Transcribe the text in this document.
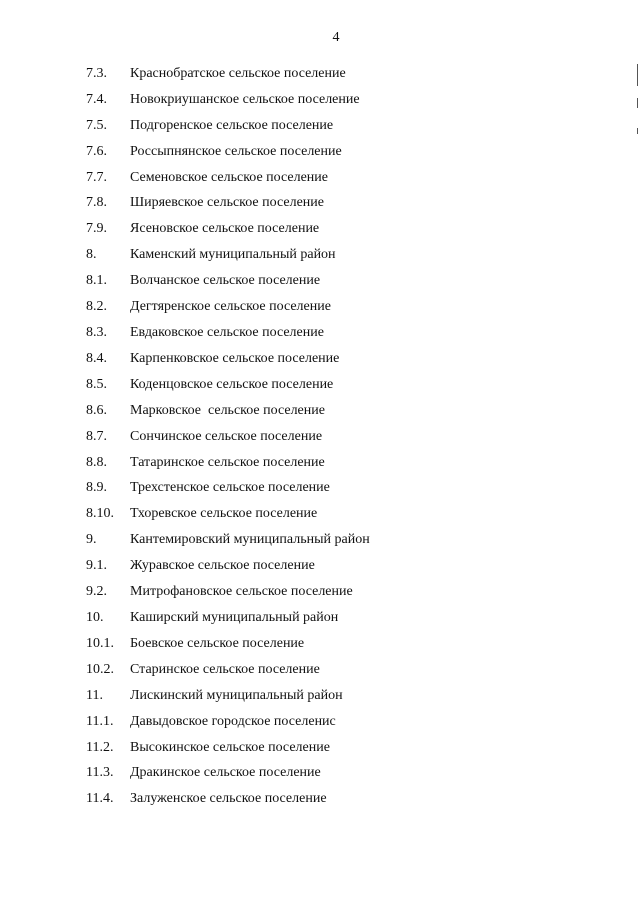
4
7.3.	Краснобратское сельское поселение
7.4.	Новокриушанское сельское поселение
7.5.	Подгоренское сельское поселение
7.6.	Россыпнянское сельское поселение
7.7.	Семеновское сельское поселение
7.8.	Ширяевское сельское поселение
7.9.	Ясеновское сельское поселение
8.	Каменский муниципальный район
8.1.	Волчанское сельское поселение
8.2.	Дегтяренское сельское поселение
8.3.	Евдаковское сельское поселение
8.4.	Карпенковское сельское поселение
8.5.	Коденцовское сельское поселение
8.6.	Марковское  сельское поселение
8.7.	Сончинское сельское поселение
8.8.	Татаринское сельское поселение
8.9.	Трехстенское сельское поселение
8.10.	Тхоревское сельское поселение
9.	Кантемировский муниципальный район
9.1.	Журавское сельское поселение
9.2.	Митрофановское сельское поселение
10.	Каширский муниципальный район
10.1.	Боевское сельское поселение
10.2.	Старинское сельское поселение
11.	Лискинский муниципальный район
11.1.	Давыдовское городское поселенис
11.2.	Высокинское сельское поселение
11.3.	Дракинское сельское поселение
11.4.	Залуженское сельское поселение
